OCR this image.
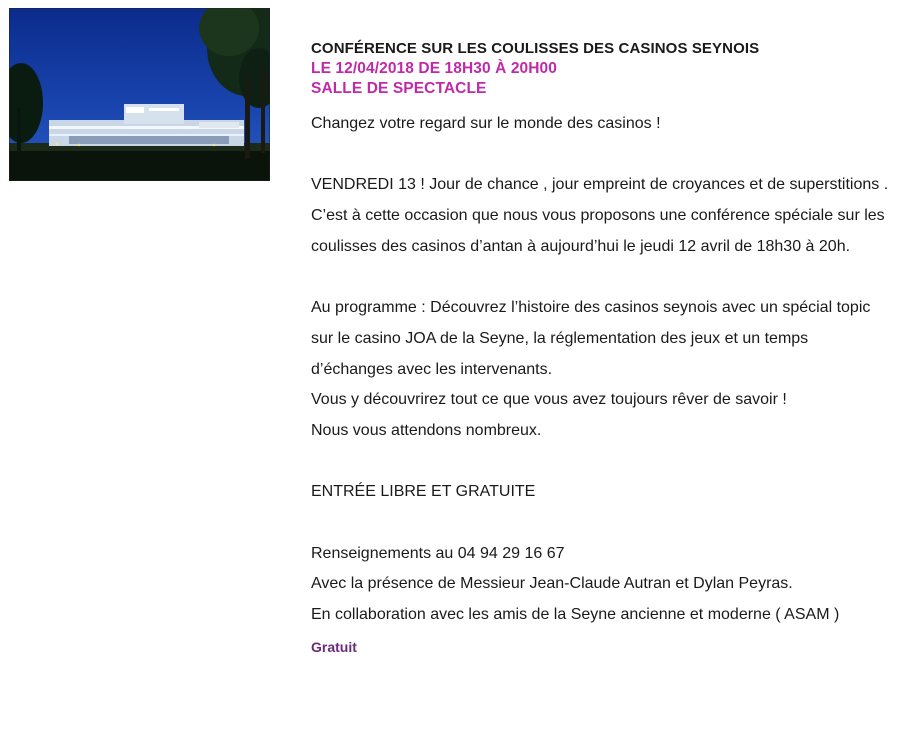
CONFÉRENCE SUR LES COULISSES DES CASINOS SEYNOIS
LE 12/04/2018 DE 18H30 À 20H00
SALLE DE SPECTACLE

Changez votre regard sur le monde des casinos !

VENDREDI 13 ! Jour de chance , jour empreint de croyances et de superstitions .

C’est à cette occasion que nous vous proposons une conférence spéciale sur les coulisses des casinos d’antan à aujourd’hui le jeudi 12 avril de 18h30 à 20h.

Au programme : Découvrez l’histoire des casinos seynois avec un spécial topic sur le casino JOA de la Seyne, la réglementation des jeux et un temps d’échanges avec les intervenants.

Vous y découvrirez tout ce que vous avez toujours rêver de savoir !

Nous vous attendons nombreux.

ENTRÉE LIBRE ET GRATUITE

Renseignements au 04 94 29 16 67

Avec la présence de Messieur Jean-Claude Autran et Dylan Peyras.

En collaboration avec les amis de la Seyne ancienne et moderne ( ASAM )

Gratuit
